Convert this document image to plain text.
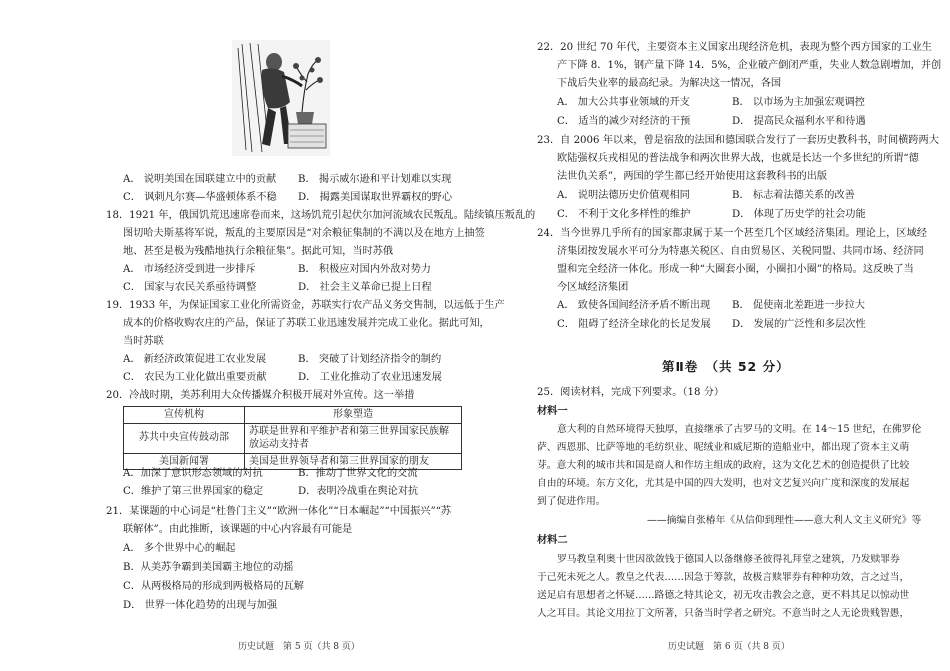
A． 说明美国在国联建立中的贡献	B． 揭示威尔逊和平计划难以实现
C． 讽刺凡尔赛—华盛顿体系不稳	D． 揭露美国谋取世界霸权的野心
18．1921 年，俄国饥荒迅速席卷而来，这场饥荒引起伏尔加河流域农民叛乱。陆续镇压叛乱的
图切哈夫斯基将军说，叛乱的主要原因是“对余粮征集制的不满以及在地方上抽签
地、甚至是极为残酷地执行余粮征集”。据此可知，当时苏俄
A． 市场经济受到进一步排斥	B． 积极应对国内外敌对势力
C． 国家与农民关系亟待调整	D． 社会主义革命已提上日程
19．1933 年，为保证国家工业化所需资金，苏联实行农产品义务交售制，以远低于生产
成本的价格收购农庄的产品，保证了苏联工业迅速发展并完成工业化。据此可知，
当时苏联
A． 新经济政策促进工农业发展	B． 突破了计划经济指令的制约
C． 农民为工业化做出重要贡献	D． 工业化推动了农业迅速发展
20．冷战时期，美苏利用大众传播媒介积极开展对外宣传。这一举措
宣传机构	形象塑造
苏共中央宣传鼓动部	苏联是世界和平维护者和第三世界国家民族解放运动支持者
美国新闻署	美国是世界领导者和第三世界国家的朋友
A．加深了意识形态领域的对抗	B．推动了世界文化的交流
C．维护了第三世界国家的稳定	D．表明冷战重在舆论对抗
21．某课题的中心词是“杜鲁门主义”“欧洲一体化”“日本崛起”“中国振兴”“苏
联解体”。由此推断，该课题的中心内容最有可能是
A． 多个世界中心的崛起
B．从美苏争霸到美国霸主地位的动摇
C．从两极格局的形成到两极格局的瓦解
D． 世界一体化趋势的出现与加强
历史试题　第 5 页（共 8 页）
22．20 世纪 70 年代，主要资本主义国家出现经济危机，表现为整个西方国家的工业生
产下降 8．1%，钢产量下降 14．5%，企业破产倒闭严重，失业人数急剧增加，并创
下战后失业率的最高纪录。为解决这一情况，各国
A． 加大公共事业领域的开支	B． 以市场为主加强宏观调控
C． 适当的减少对经济的干预	D． 提高民众福利水平和待遇
23．自 2006 年以来，曾是宿敌的法国和德国联合发行了一套历史教科书，时间横跨两大
欧陆强权兵戎相见的普法战争和两次世界大战，也就是长达一个多世纪的所谓“德
法世仇关系”，两国的学生都已经开始使用这套教科书的出版
A． 说明法德历史价值观相同	B． 标志着法德关系的改善
C． 不利于文化多样性的维护	D． 体现了历史学的社会功能
24．当今世界几乎所有的国家都隶属于某一个甚至几个区域经济集团。理论上，区域经
济集团按发展水平可分为特惠关税区、自由贸易区、关税同盟、共同市场、经济同
盟和完全经济一体化。形成一种“大圈套小圈，小圈扣小圈”的格局。这反映了当
今区域经济集团
A． 致使各国间经济矛盾不断出现	B． 促使南北差距进一步拉大
C． 阻碍了经济全球化的长足发展	D． 发展的广泛性和多层次性
第Ⅱ卷　（共 52 分）
25．阅读材料，完成下列要求。（18 分）
材料一
意大利的自然环境得天独厚，直接继承了古罗马的文明。在 14～15 世纪，在佛罗伦
萨、西恩那、比萨等地的毛纺织业、呢绒业和威尼斯的造船业中，都出现了资本主义萌
芽。意大利的城市共和国是商人和作坊主组成的政府，这为文化艺术的创造提供了比较
自由的环境。东方文化，尤其是中国的四大发明，也对文艺复兴向广度和深度的发展起
到了促进作用。
——摘编自张椿年《从信仰到理性——意大利人文主义研究》等
材料二
罗马教皇利奥十世因欲敛钱于德国人以备继修圣彼得礼拜堂之建筑，乃发赎罪券
于己死未死之人。教皇之代表……因急于筹款，故极言赎罪券有种种功效，言之过当，
送足启有思想者之怀疑……路德之特其论文，初无攻击教会之意，更不料其足以惊动世
人之耳目。其论文用拉丁文所著，只备当时学者之研究。不意当时之人无论贵贱智愚，
历史试题　第 6 页（共 8 页）
